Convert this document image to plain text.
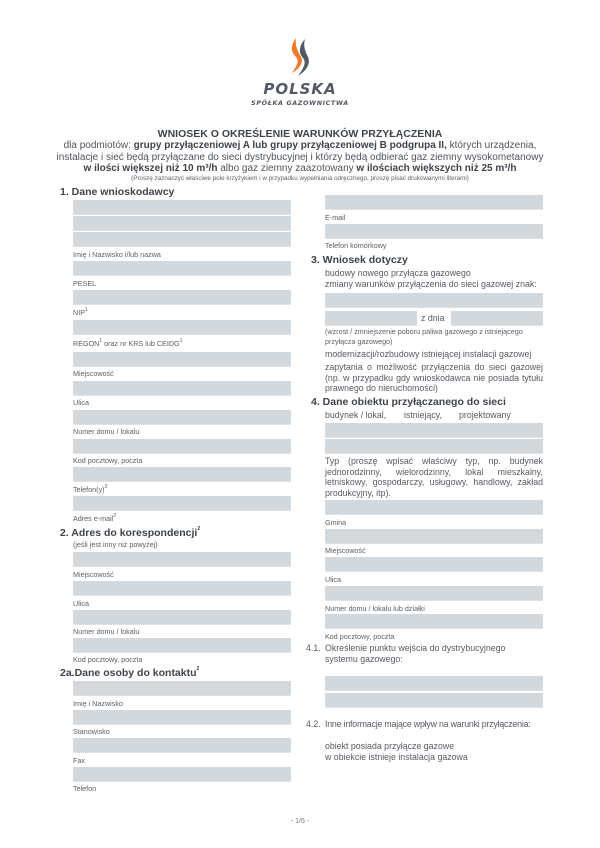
POLSKA
SPÓŁKA GAZOWNICTWA
WNIOSEK O OKREŚLENIE WARUNKÓW PRZYŁĄCZENIA
dla podmiotów: grupy przyłączeniowej A lub grupy przyłączeniowej B podgrupa II, których urządzenia,
instalacje i sieć będą przyłączane do sieci dystrybucyjnej i którzy będą odbierać gaz ziemny wysokometanowy
w ilości większej niż 10 m³/h albo gaz ziemny zaazotowany w ilościach większych niż 25 m³/h
(Proszę zaznaczyć właściwe pole krzyżykiem i w przypadku wypełniania odręcznego, proszę pisać drukowanymi literami)
1. Dane wnioskodawcy
Imię i Nazwisko i/lub nazwa
PESEL
NIP$^1$
REGON$^1$ oraz nr KRS lub CEIDG$^1$
Miejscowość
Ulica
Numer domu / lokalu
Kod pocztowy, poczta
$Telefon(y)^2$
Adres e-mail$^2$
2. Adres do korespondencji$^2$
(jeśli jest inny niż powyżej)
Miejscowość
Ulica
Numer domu / lokalu
Kod pocztowy, poczta
2a.Dane osoby do kontaktu$^2$
Imię i Nazwisko
Stanowisko
Fax
Telefon
E-mail
Telefon komórkowy
3. Wniosek dotyczy
budowy nowego przyłącza gazowego
zmiany warunków przyłączenia do sieci gazowej znak:
z dnia
(wzrost / zmniejszenie poboru paliwa gazowego z istniejącego przyłącza gazowego)
modernizacji/rozbudowy istniejącej instalacji gazowej
zapytania o możliwość przyłączenia do sieci gazowej (np. w przypadku gdy wnioskodawca nie posiada tytułu prawnego do nieruchomości)
4. Dane obiektu przyłączanego do sieci
budynek / lokal, istniejący, projektowany
Typ (proszę wpisać właściwy typ, np. budynek jednorodzinny, wielorodzinny, lokal mieszkalny, letniskowy, gospodarczy, usługowy, handlowy, zakład produkcyjny, itp).
Gmina
Miejscowość
Ulica
Numer domu / lokalu lub działki
Kod pocztowy, poczta
4.1. Określenie punktu wejścia do dystrybucyjnego systemu gazowego:
4.2. Inne informacje mające wpływ na warunki przyłączenia:
obiekt posiada przyłącze gazowe
w obiekcie istnieje instalacja gazowa
- 1/6 -
